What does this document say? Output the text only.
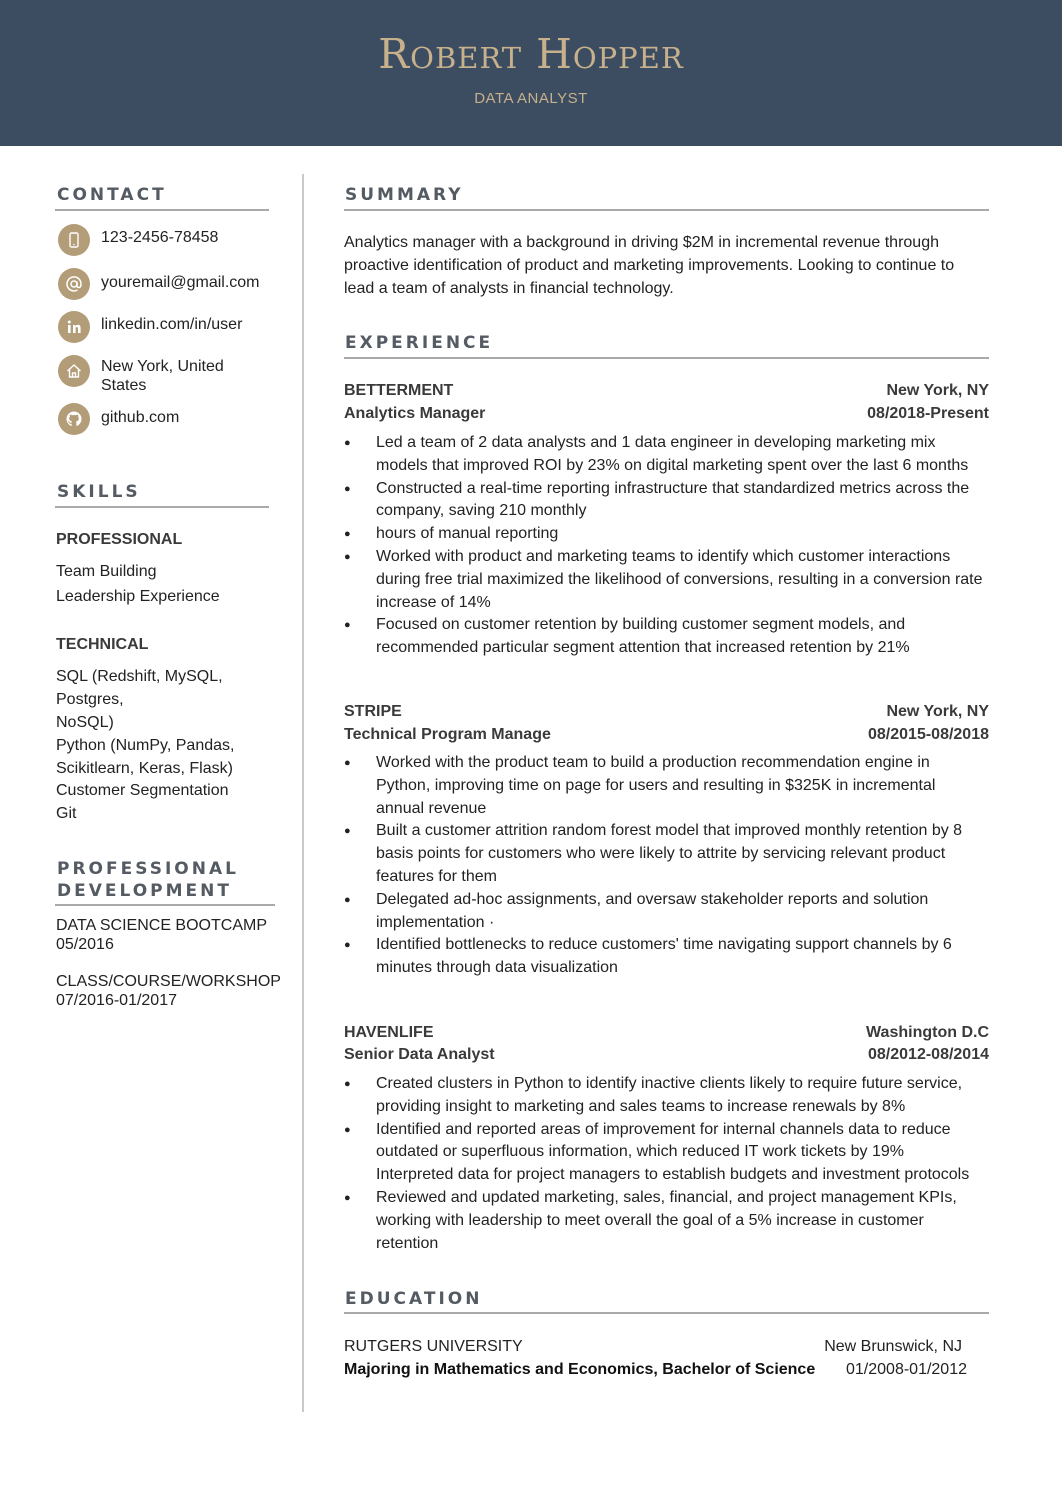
Robert Hopper
DATA ANALYST
CONTACT
123-2456-78458
youremail@gmail.com
linkedin.com/in/user
New York, United
States
github.com
SKILLS
PROFESSIONAL
Team Building
Leadership Experience
TECHNICAL
SQL (Redshift, MySQL,
Postgres,
NoSQL)
Python (NumPy, Pandas,
Scikitlearn, Keras, Flask)
Customer Segmentation
Git
PROFESSIONAL
DEVELOPMENT
DATA SCIENCE BOOTCAMP
05/2016
CLASS/COURSE/WORKSHOP
07/2016-01/2017
SUMMARY
Analytics manager with a background in driving $2M in incremental revenue through
proactive identification of product and marketing improvements. Looking to continue to
lead a team of analysts in financial technology.
EXPERIENCE
BETTERMENT	New York, NY
Analytics Manager	08/2018-Present
● Led a team of 2 data analysts and 1 data engineer in developing marketing mix
models that improved ROI by 23% on digital marketing spent over the last 6 months
● Constructed a real-time reporting infrastructure that standardized metrics across the
company, saving 210 monthly
● hours of manual reporting
● Worked with product and marketing teams to identify which customer interactions
during free trial maximized the likelihood of conversions, resulting in a conversion rate
increase of 14%
● Focused on customer retention by building customer segment models, and
recommended particular segment attention that increased retention by 21%
STRIPE	New York, NY
Technical Program Manage	08/2015-08/2018
● Worked with the product team to build a production recommendation engine in
Python, improving time on page for users and resulting in $325K in incremental
annual revenue
● Built a customer attrition random forest model that improved monthly retention by 8
basis points for customers who were likely to attrite by servicing relevant product
features for them
● Delegated ad-hoc assignments, and oversaw stakeholder reports and solution
implementation ·
● Identified bottlenecks to reduce customers' time navigating support channels by 6
minutes through data visualization
HAVENLIFE	Washington D.C
Senior Data Analyst	08/2012-08/2014
● Created clusters in Python to identify inactive clients likely to require future service,
providing insight to marketing and sales teams to increase renewals by 8%
● Identified and reported areas of improvement for internal channels data to reduce
outdated or superfluous information, which reduced IT work tickets by 19%
Interpreted data for project managers to establish budgets and investment protocols
● Reviewed and updated marketing, sales, financial, and project management KPIs,
working with leadership to meet overall the goal of a 5% increase in customer
retention
EDUCATION
RUTGERS UNIVERSITY	New Brunswick, NJ
Majoring in Mathematics and Economics, Bachelor of Science 01/2008-01/2012
